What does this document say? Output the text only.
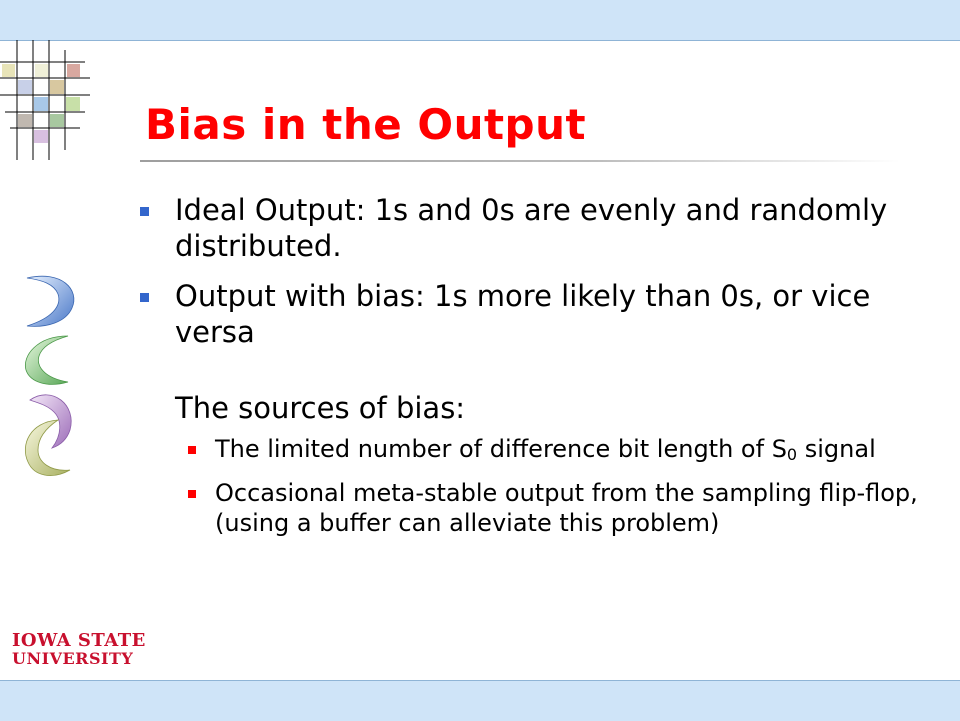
Bias in the Output
Ideal Output: 1s and 0s are evenly and randomly distributed.
Output with bias: 1s more likely than 0s, or vice versa
The sources of bias:
The limited number of difference bit length of S0 signal
Occasional meta-stable output from the sampling flip-flop, (using a buffer can alleviate this problem)
IOWA STATE
UNIVERSITY
